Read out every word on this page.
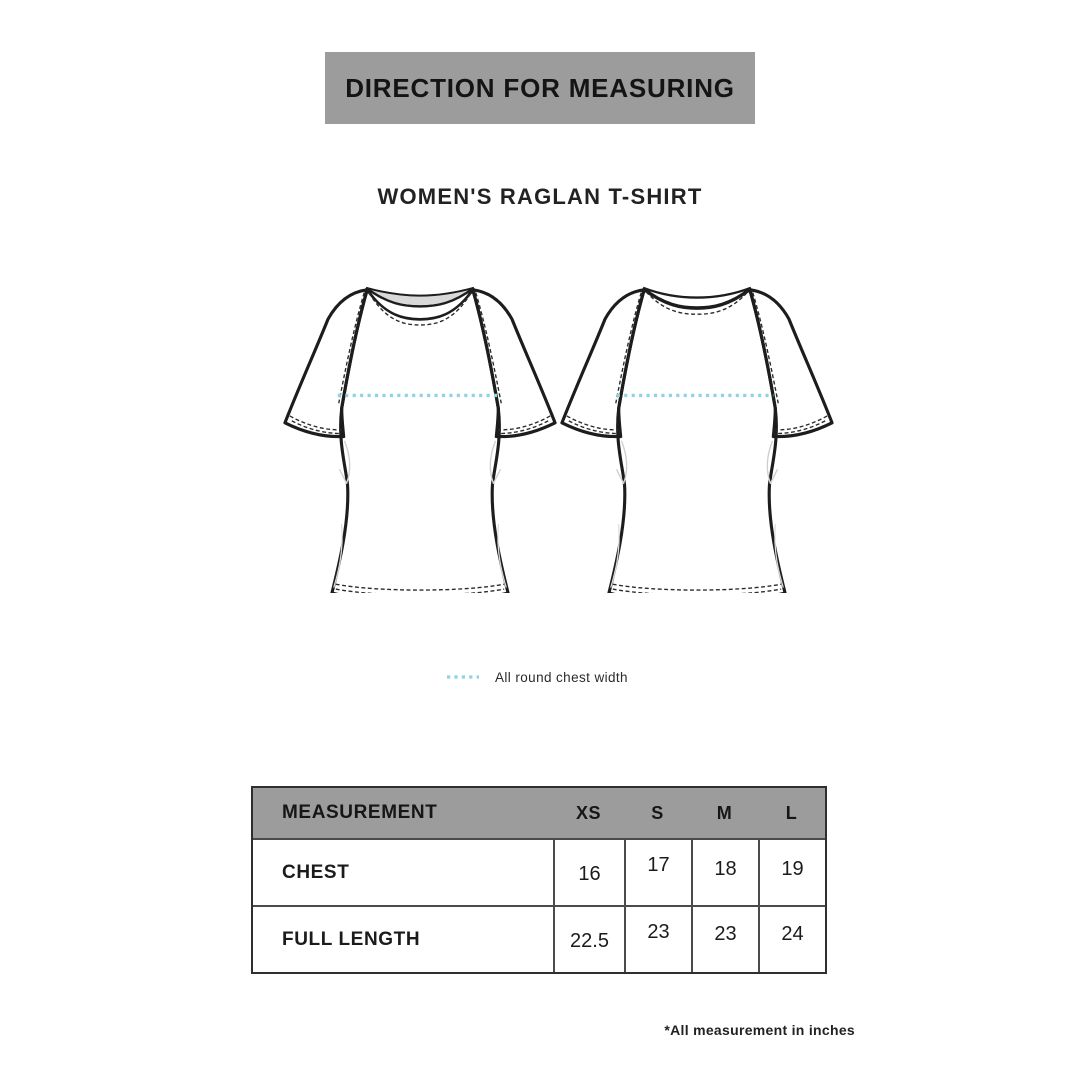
DIRECTION FOR MEASURING
WOMEN'S RAGLAN T-SHIRT
All round chest width
MEASUREMENT	XS	S	M	L
CHEST	16 17 18 19
FULL LENGTH	22.5 23 23 24
*All measurement in inches
